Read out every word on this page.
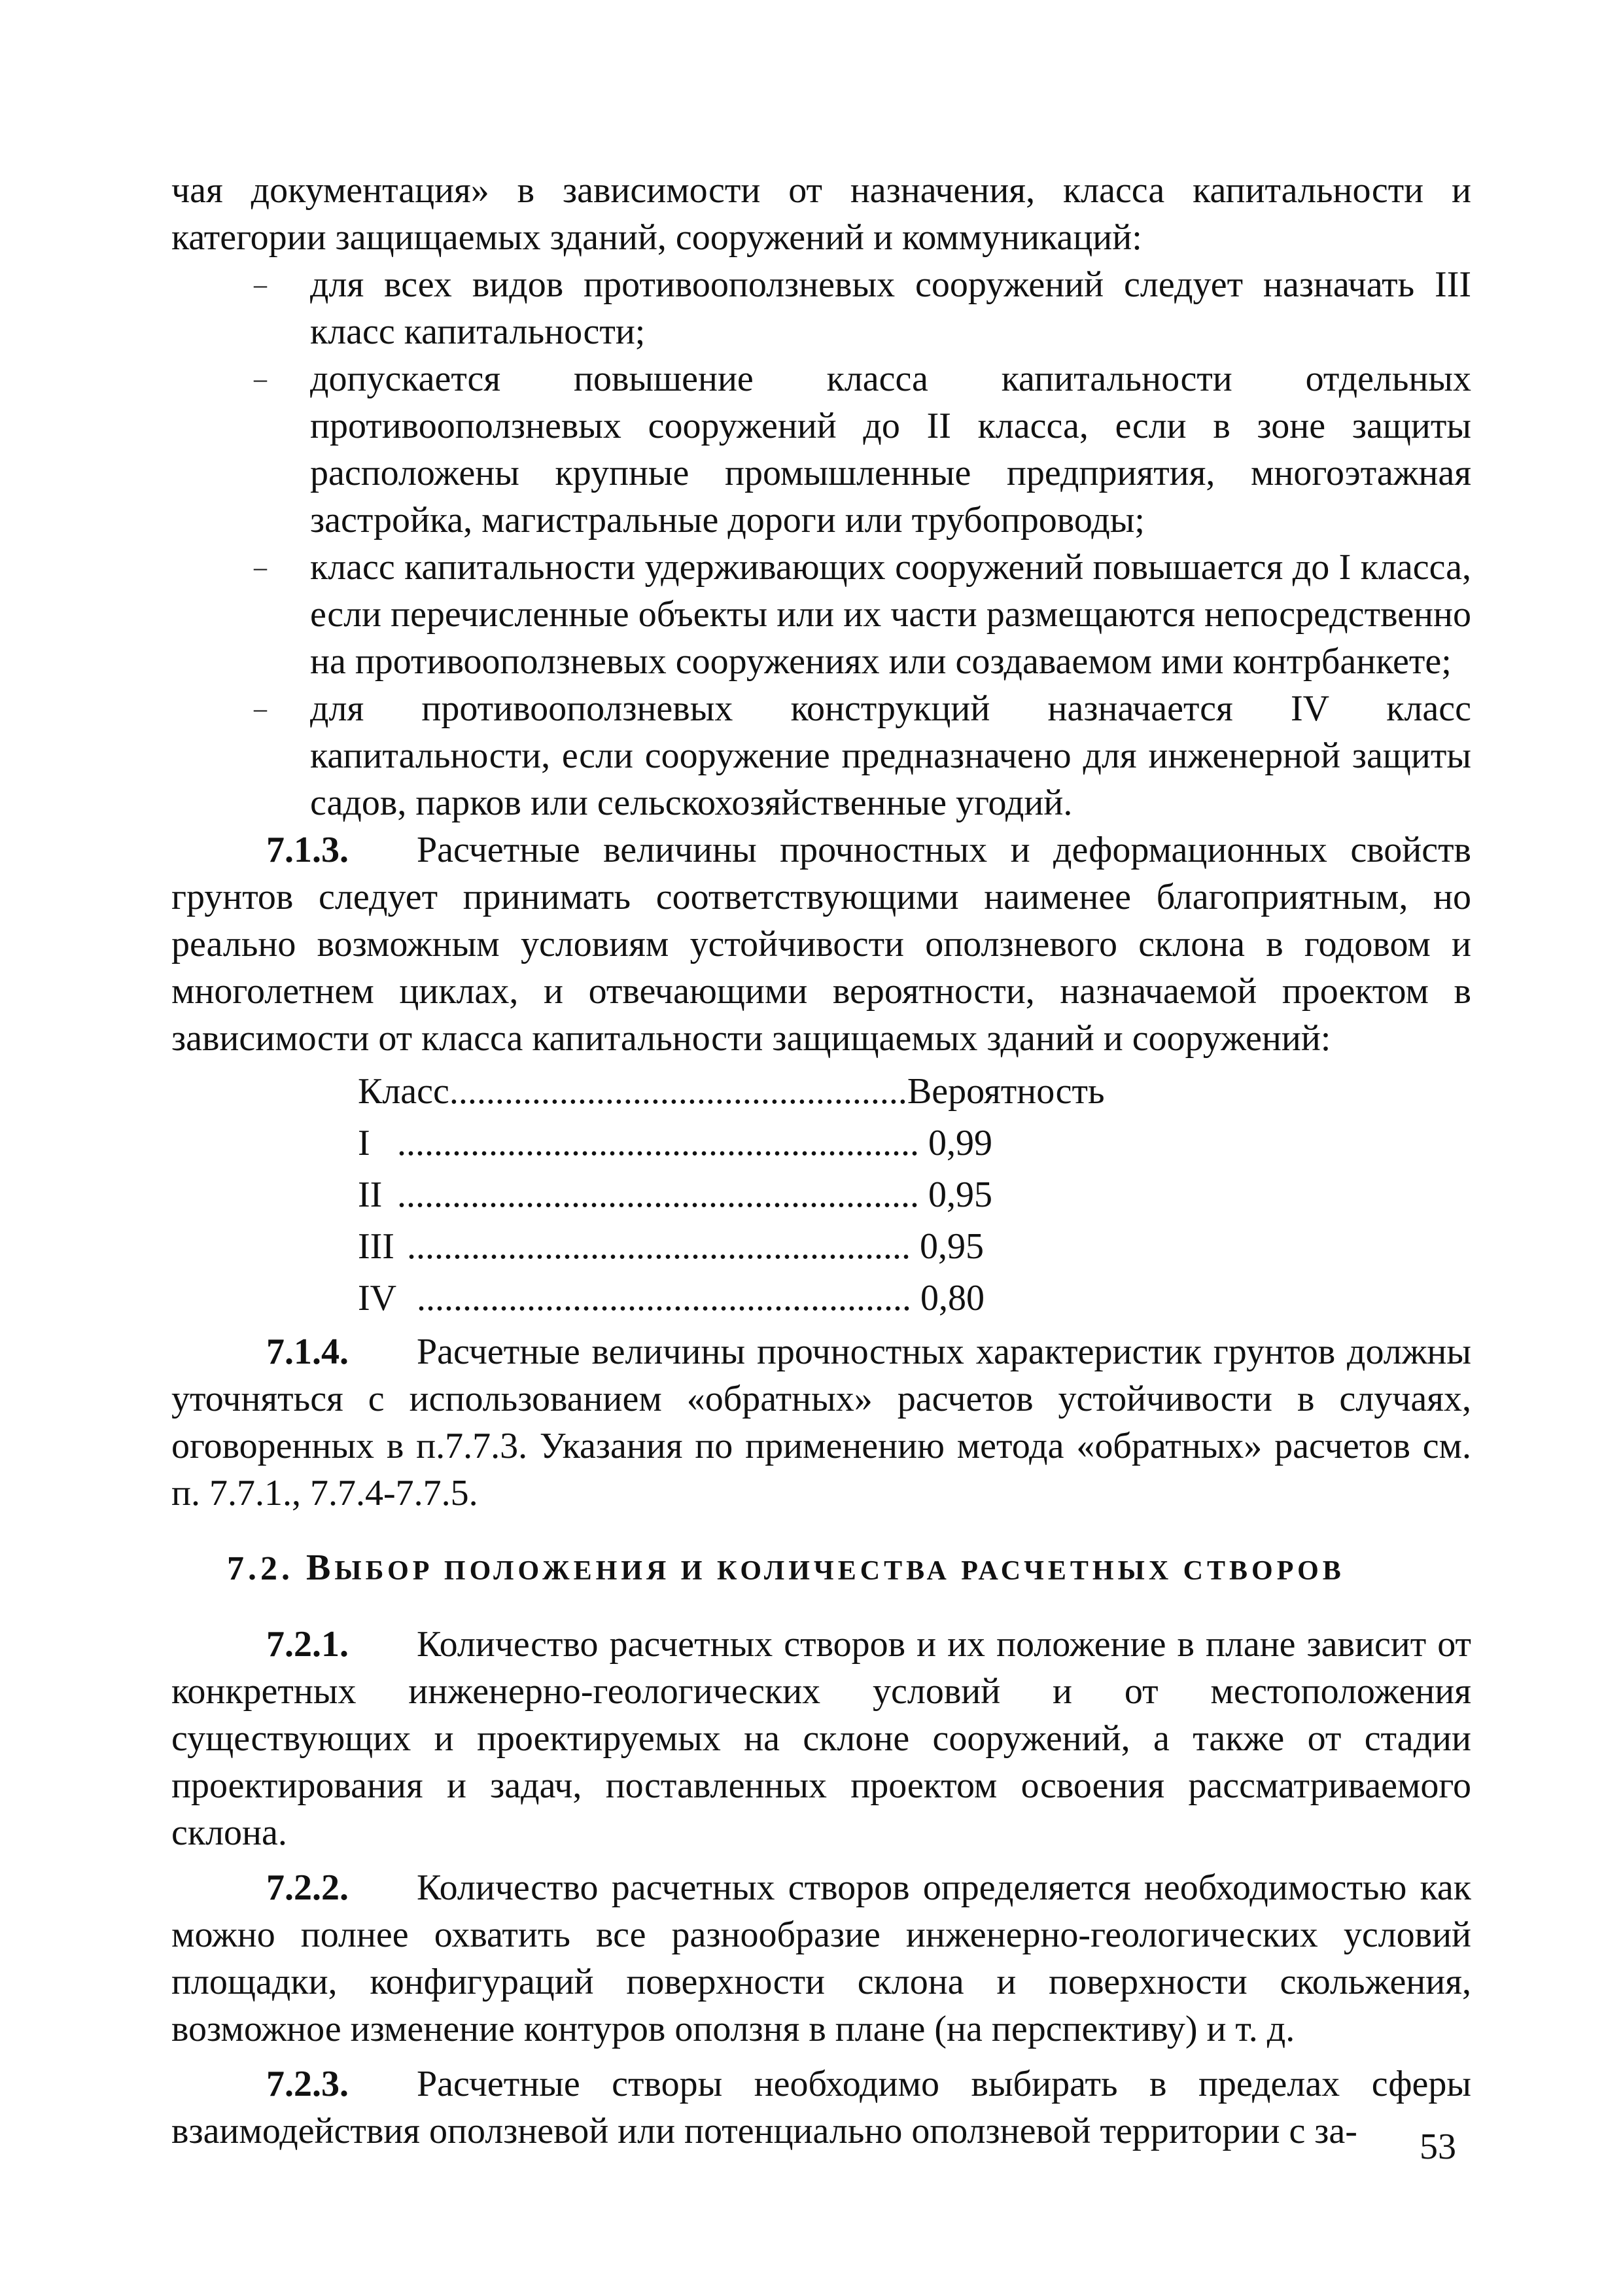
чая документация» в зависимости от назначения, класса капитальности и категории защищаемых зданий, сооружений и коммуникаций:

– для всех видов противооползневых сооружений следует назначать III класс капитальности;
– допускается повышение класса капитальности отдельных противооползневых сооружений до II класса, если в зоне защиты расположены крупные промышленные предприятия, многоэтажная застройка, магистральные дороги или трубопроводы;
– класс капитальности удерживающих сооружений повышается до I класса, если перечисленные объекты или их части размещаются непосредственно на противооползневых сооружениях или создаваемом ими контрбанкете;
– для противооползневых конструкций назначается IV класс капитальности, если сооружение предназначено для инженерной защиты садов, парков или сельскохозяйственные угодий.

7.1.3. Расчетные величины прочностных и деформационных свойств грунтов следует принимать соответствующими наименее благоприятным, но реально возможным условиям устойчивости оползневого склона в годовом и многолетнем циклах, и отвечающими вероятности, назначаемой проектом в зависимости от класса капитальности защищаемых зданий и сооружений:

Класс..................................................Вероятность
I ......................................................... 0,99
II ......................................................... 0,95
III ....................................................... 0,95
IV ...................................................... 0,80

7.1.4. Расчетные величины прочностных характеристик грунтов должны уточняться с использованием «обратных» расчетов устойчивости в случаях, оговоренных в п.7.7.3. Указания по применению метода «обратных» расчетов см. п. 7.7.1., 7.7.4-7.7.5.

7.2. ВЫБОР ПОЛОЖЕНИЯ И КОЛИЧЕСТВА РАСЧЕТНЫХ СТВОРОВ

7.2.1. Количество расчетных створов и их положение в плане зависит от конкретных инженерно-геологических условий и от местоположения существующих и проектируемых на склоне сооружений, а также от стадии проектирования и задач, поставленных проектом освоения рассматриваемого склона.

7.2.2. Количество расчетных створов определяется необходимостью как можно полнее охватить все разнообразие инженерно-геологических условий площадки, конфигураций поверхности склона и поверхности скольжения, возможное изменение контуров оползня в плане (на перспективу) и т. д.

7.2.3. Расчетные створы необходимо выбирать в пределах сферы взаимодействия оползневой или потенциально оползневой территории с за-	53
